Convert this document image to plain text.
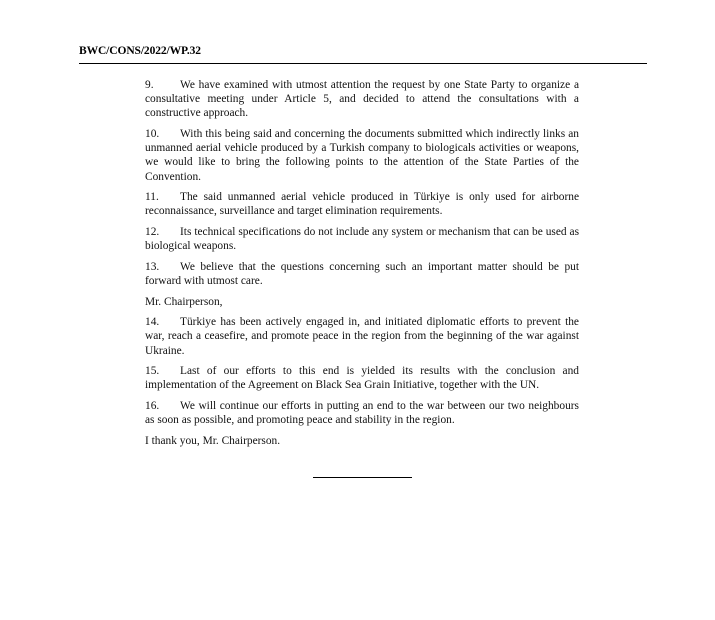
BWC/CONS/2022/WP.32

9. We have examined with utmost attention the request by one State Party to organize a consultative meeting under Article 5, and decided to attend the consultations with a constructive approach.

10. With this being said and concerning the documents submitted which indirectly links an unmanned aerial vehicle produced by a Turkish company to biologicals activities or weapons, we would like to bring the following points to the attention of the State Parties of the Convention.

11. The said unmanned aerial vehicle produced in Türkiye is only used for airborne reconnaissance, surveillance and target elimination requirements.

12. Its technical specifications do not include any system or mechanism that can be used as biological weapons.

13. We believe that the questions concerning such an important matter should be put forward with utmost care.

Mr. Chairperson,

14. Türkiye has been actively engaged in, and initiated diplomatic efforts to prevent the war, reach a ceasefire, and promote peace in the region from the beginning of the war against Ukraine.

15. Last of our efforts to this end is yielded its results with the conclusion and implementation of the Agreement on Black Sea Grain Initiative, together with the UN.

16. We will continue our efforts in putting an end to the war between our two neighbours as soon as possible, and promoting peace and stability in the region.

I thank you, Mr. Chairperson.
